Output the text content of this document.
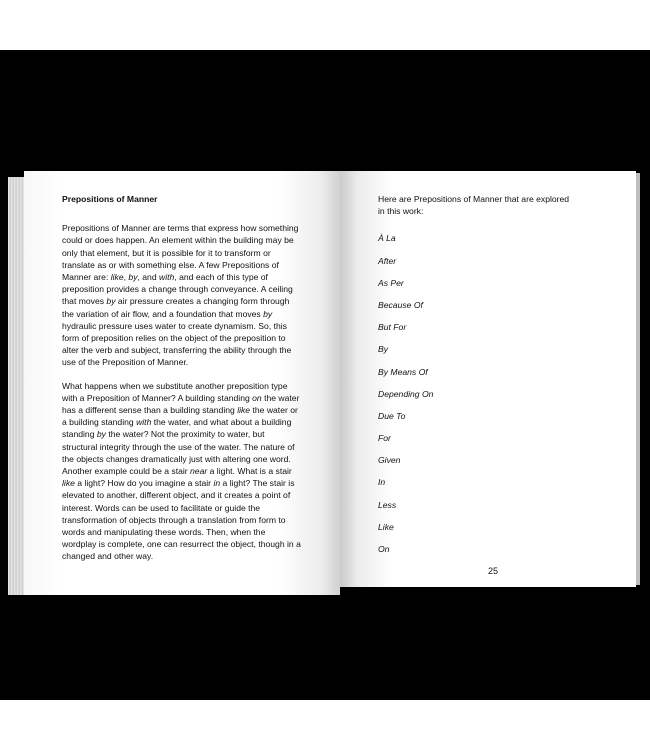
Prepositions of Manner

Prepositions of Manner are terms that express how something could or does happen. An element within the building may be only that element, but it is possible for it to transform or translate as or with something else. A few Prepositions of Manner are: like, by, and with, and each of this type of preposition provides a change through conveyance. A ceiling that moves by air pressure creates a changing form through the variation of air flow, and a foundation that moves by hydraulic pressure uses water to create dynamism. So, this form of preposition relies on the object of the preposition to alter the verb and subject, transferring the ability through the use of the Preposition of Manner.

What happens when we substitute another preposition type with a Preposition of Manner? A building standing on the water has a different sense than a building standing like the water or a building standing with the water, and what about a building standing by the water? Not the proximity to water, but structural integrity through the use of the water. The nature of the objects changes dramatically just with altering one word. Another example could be a stair near a light. What is a stair like a light? How do you imagine a stair in a light? The stair is elevated to another, different object, and it creates a point of interest. Words can be used to facilitate or guide the transformation of objects through a translation from form to words and manipulating these words. Then, when the wordplay is complete, one can resurrect the object, though in a changed and other way.

Here are Prepositions of Manner that are explored in this work:
À La
After
As Per
Because Of
But For
By
By Means Of
Depending On
Due To
For
Given
In
Less
Like
On
25
